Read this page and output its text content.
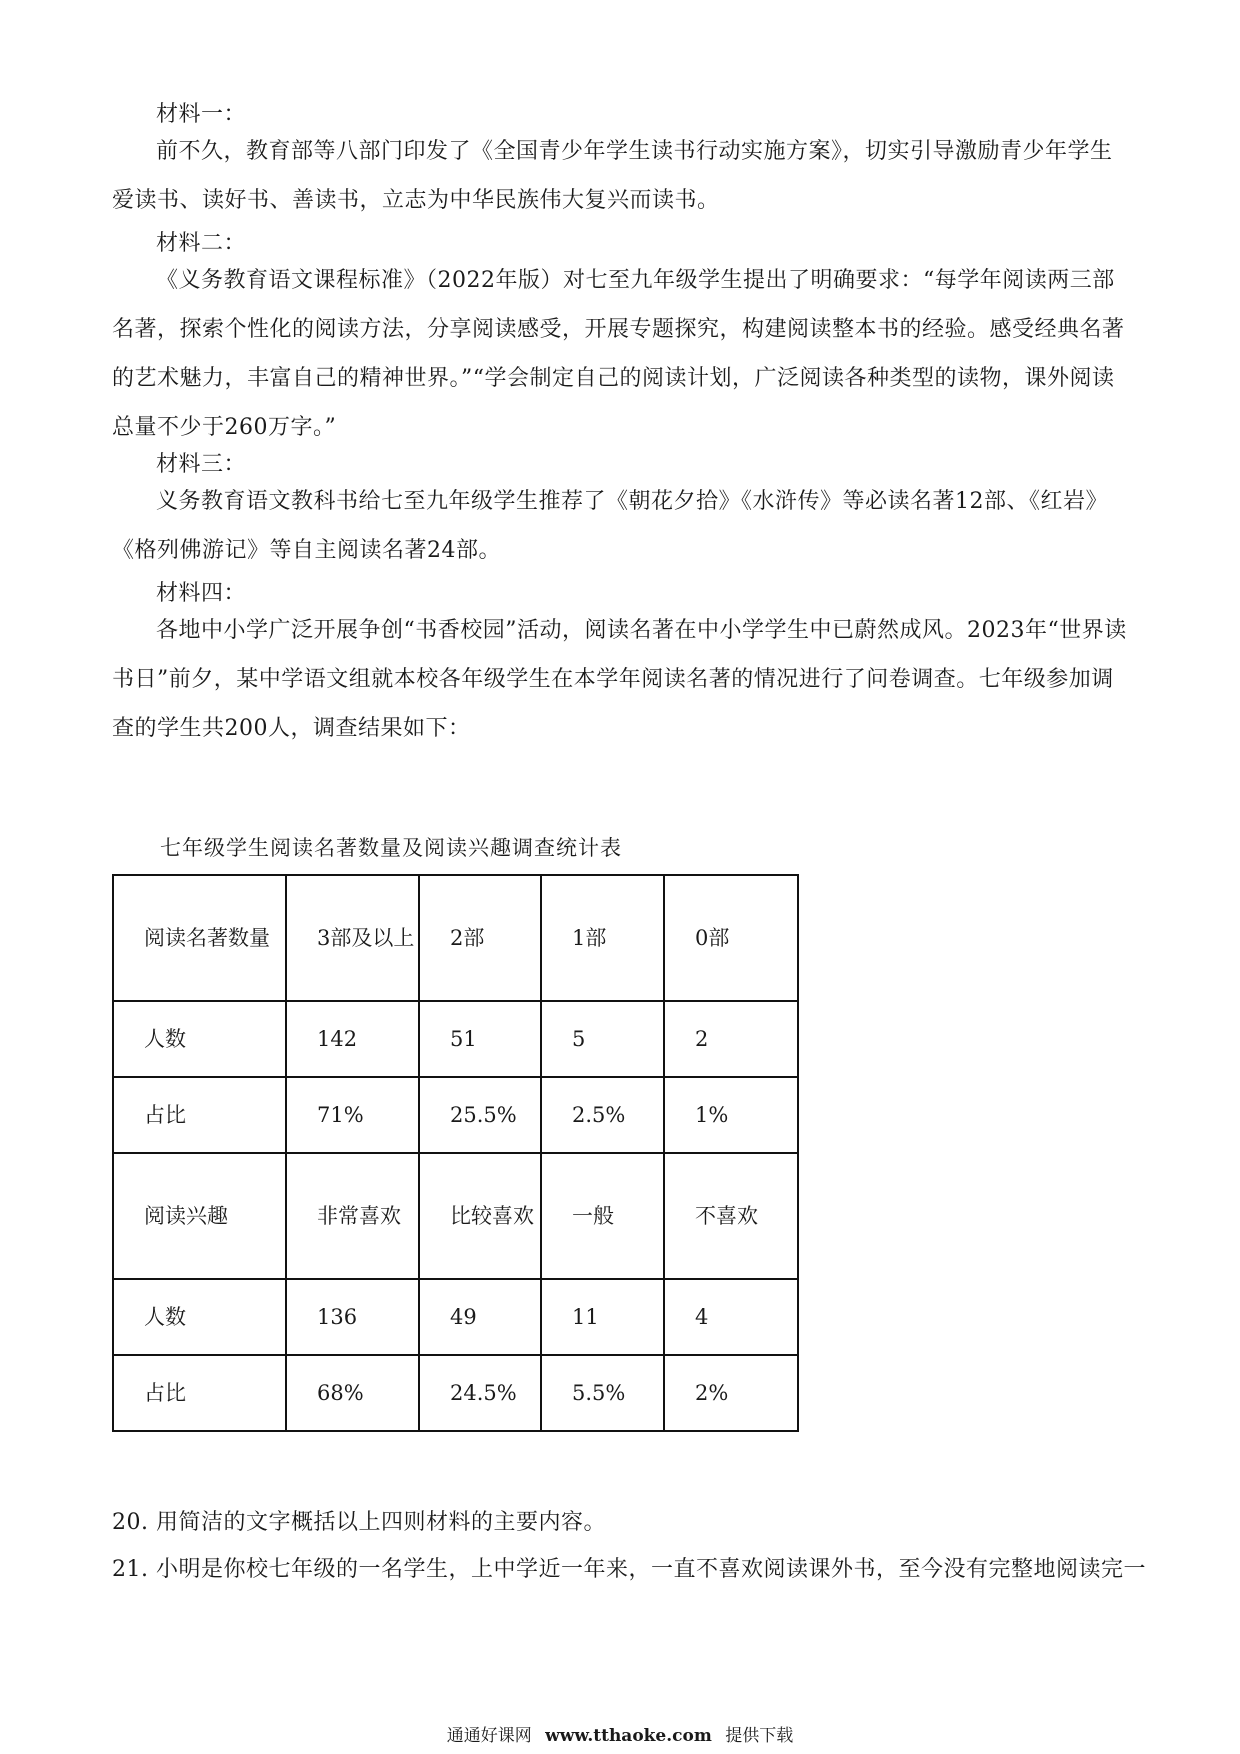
材料一：
前不久，教育部等八部门印发了《全国青少年学生读书行动实施方案》，切实引导激励青少年学生爱读书、读好书、善读书，立志为中华民族伟大复兴而读书。
材料二：
《义务教育语文课程标准》（2022年版）对七至九年级学生提出了明确要求：“每学年阅读两三部名著，探索个性化的阅读方法，分享阅读感受，开展专题探究，构建阅读整本书的经验。感受经典名著的艺术魅力，丰富自己的精神世界。”“学会制定自己的阅读计划，广泛阅读各种类型的读物，课外阅读总量不少于260万字。”
材料三：
义务教育语文教科书给七至九年级学生推荐了《朝花夕拾》《水浒传》等必读名著12部、《红岩》《格列佛游记》等自主阅读名著24部。
材料四：
各地中小学广泛开展争创“书香校园”活动，阅读名著在中小学学生中已蔚然成风。2023年“世界读书日”前夕，某中学语文组就本校各年级学生在本学年阅读名著的情况进行了问卷调查。七年级参加调查的学生共200人，调查结果如下：
七年级学生阅读名著数量及阅读兴趣调查统计表
阅读名著数量	3部及以上	2部	1部	0部
人数	142	51	5	2
占比	71%	25.5%	2.5%	1%
阅读兴趣	非常喜欢	比较喜欢	一般	不喜欢
人数	136	49	11	4
占比	68%	24.5%	5.5%	2%
20. 用简洁的文字概括以上四则材料的主要内容。
21. 小明是你校七年级的一名学生，上中学近一年来，一直不喜欢阅读课外书，至今没有完整地阅读完一
通通好课网 www.tthaoke.com 提供下载
